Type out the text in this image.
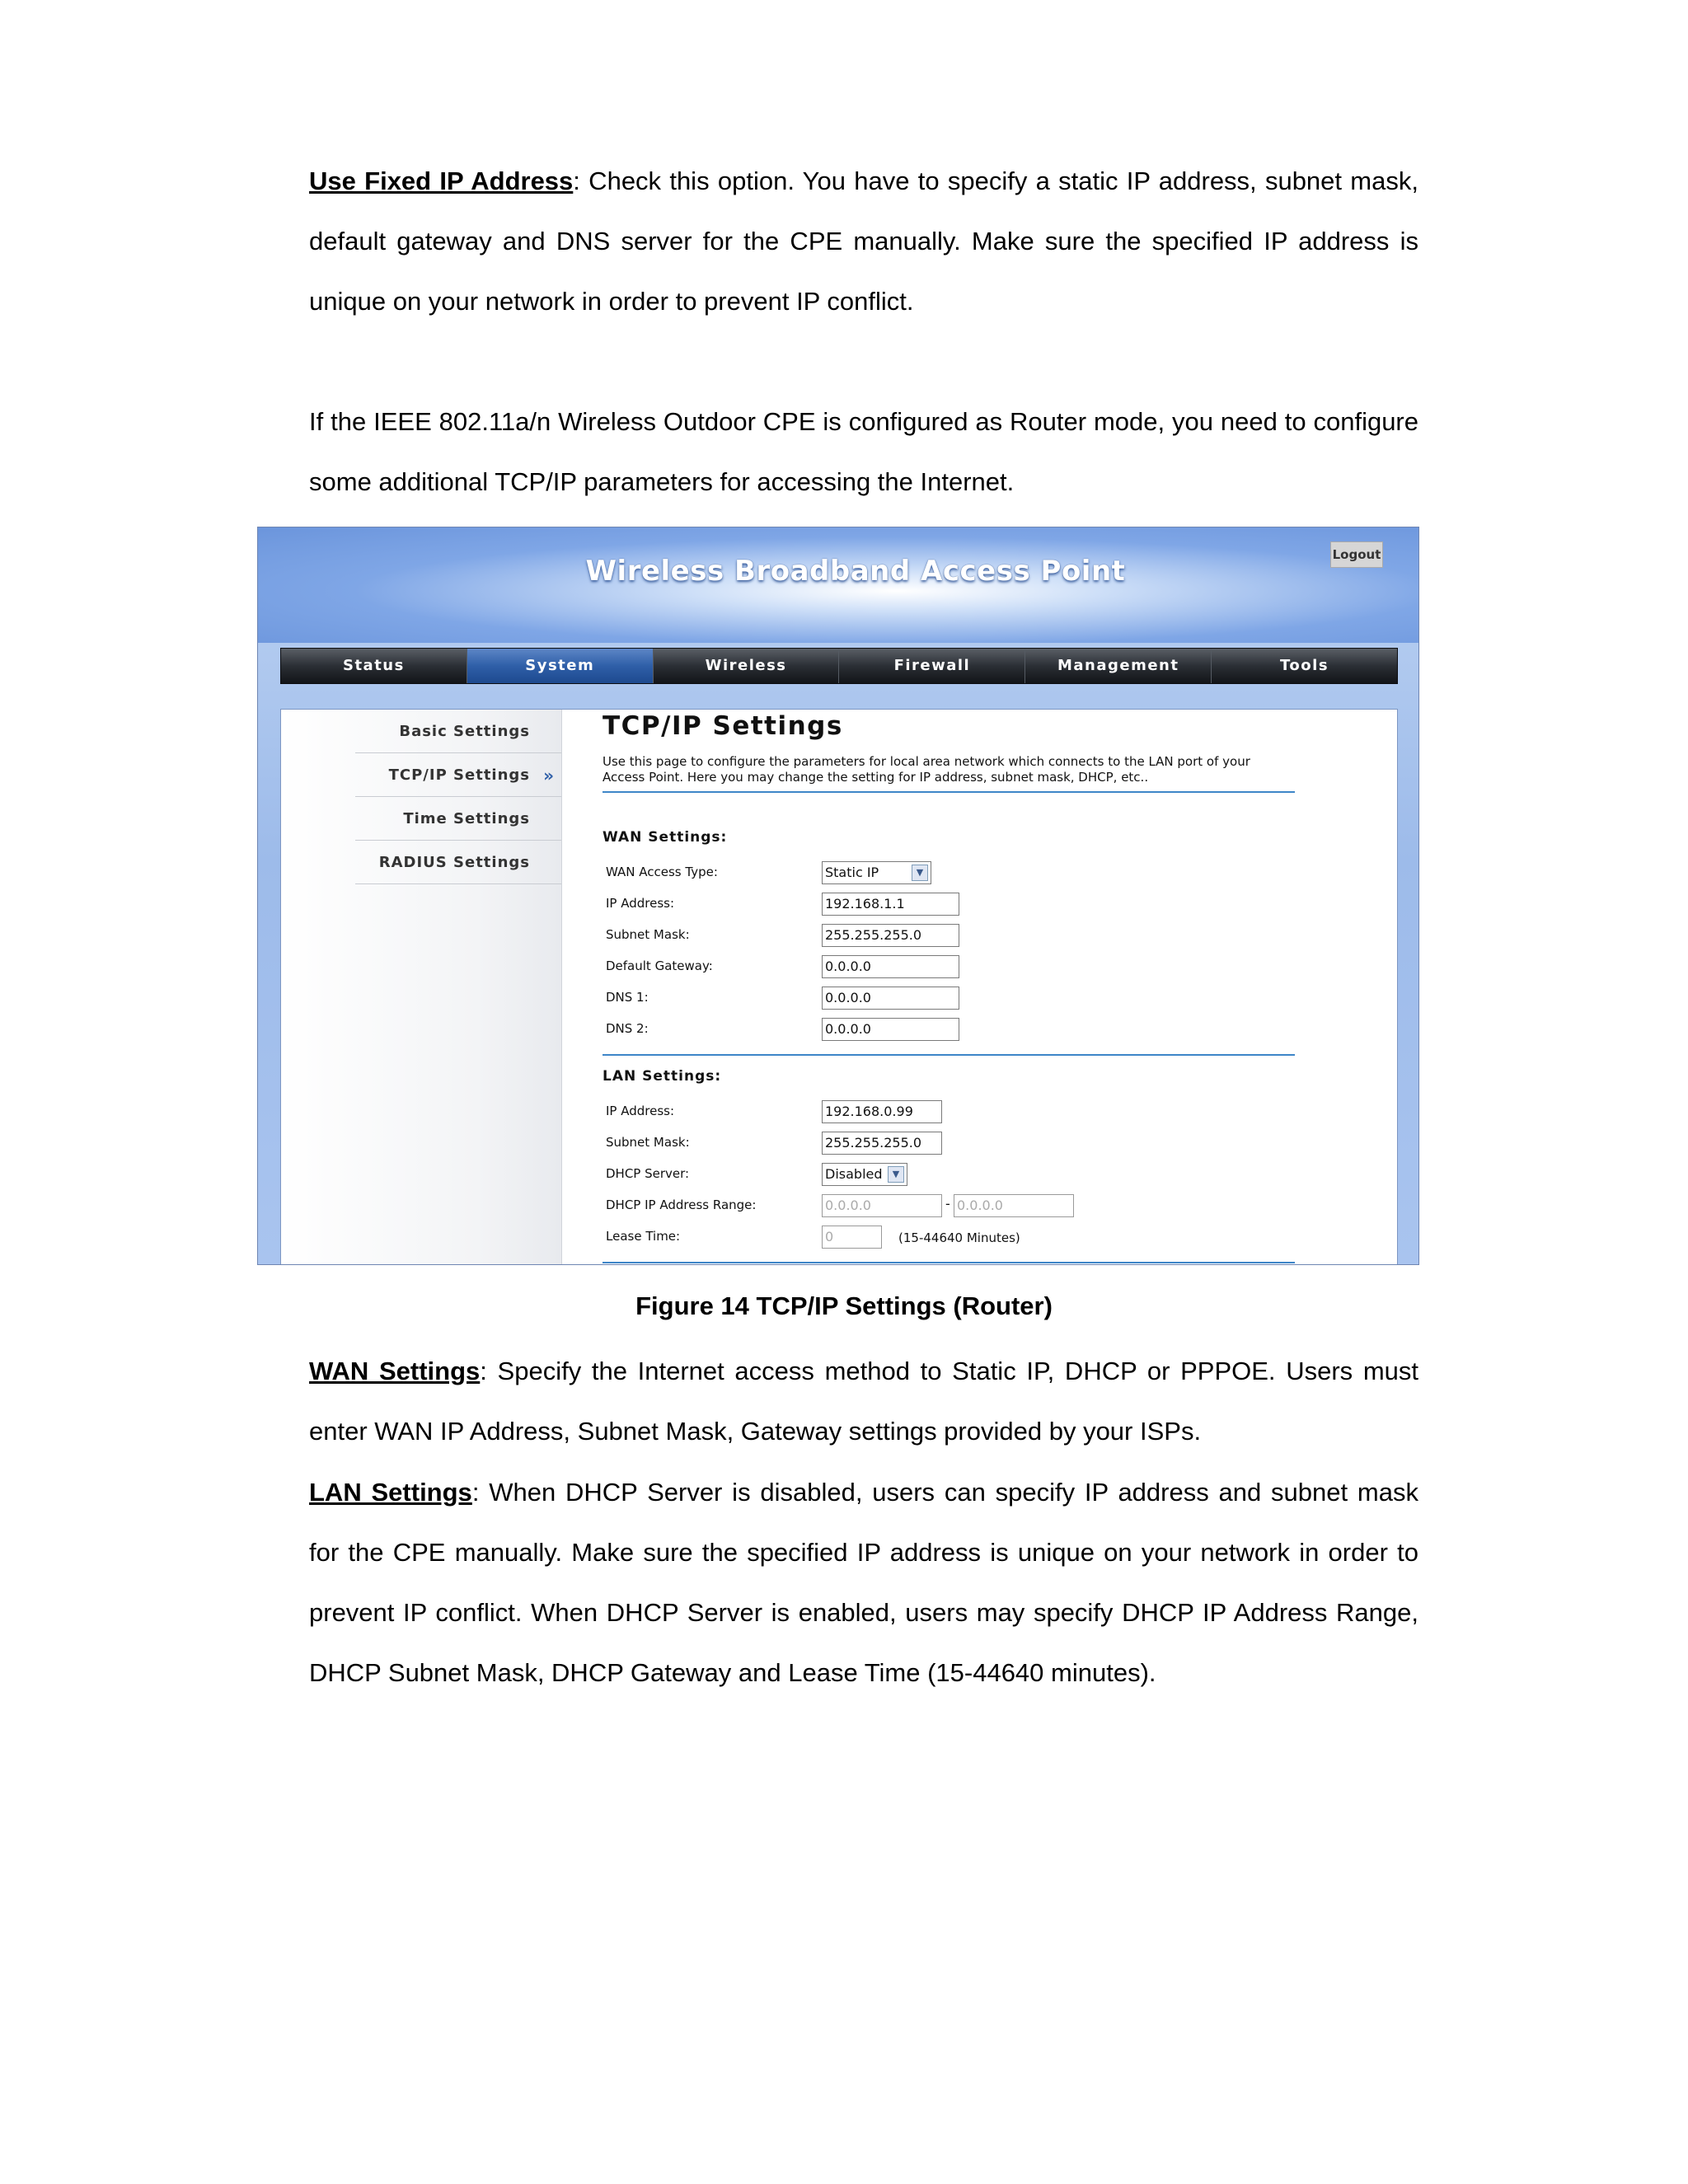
Use Fixed IP Address: Check this option. You have to specify a static IP address, subnet mask, default gateway and DNS server for the CPE manually. Make sure the specified IP address is unique on your network in order to prevent IP conflict.

If the IEEE 802.11a/n Wireless Outdoor CPE is configured as Router mode, you need to configure some additional TCP/IP parameters for accessing the Internet.

Wireless Broadband Access Point	Logout
Status	System	Wireless	Firewall	Management	Tools
Basic Settings
TCP/IP Settings »
Time Settings
RADIUS Settings
TCP/IP Settings
Use this page to configure the parameters for local area network which connects to the LAN port of your Access Point. Here you may change the setting for IP address, subnet mask, DHCP, etc..
WAN Settings:
WAN Access Type:	Static IP	▼
IP Address:	192.168.1.1
Subnet Mask:	255.255.255.0
Default Gateway:	0.0.0.0
DNS 1:	0.0.0.0
DNS 2:	0.0.0.0
LAN Settings:
IP Address:	192.168.0.99
Subnet Mask:	255.255.255.0
DHCP Server:	Disabled	▼
DHCP IP Address Range:	0.0.0.0	- 0.0.0.0
Lease Time:	0	(15-44640 Minutes)
Figure 14 TCP/IP Settings (Router)

WAN Settings: Specify the Internet access method to Static IP, DHCP or PPPOE. Users must enter WAN IP Address, Subnet Mask, Gateway settings provided by your ISPs.

LAN Settings: When DHCP Server is disabled, users can specify IP address and subnet mask for the CPE manually. Make sure the specified IP address is unique on your network in order to prevent IP conflict. When DHCP Server is enabled, users may specify DHCP IP Address Range, DHCP Subnet Mask, DHCP Gateway and Lease Time (15-44640 minutes).
